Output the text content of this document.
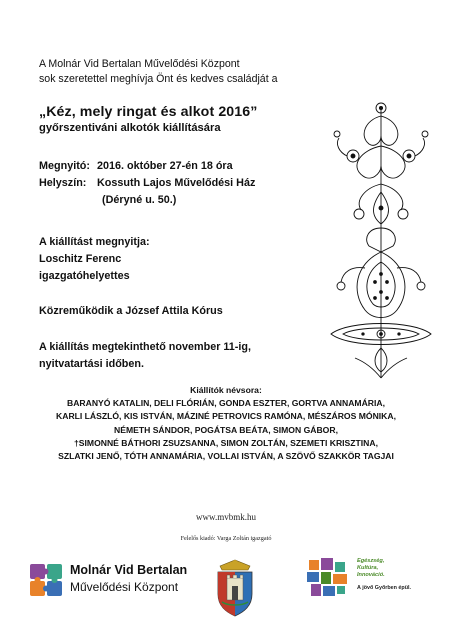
A Molnár Vid Bertalan Művelődési Központ
sok szeretettel meghívja Önt és kedves családját a
„Kéz, mely ringat és alkot 2016”
győrszentiváni alkotók kiállítására
Megnyitó: 2016. október 27-én 18 óra
Helyszín: Kossuth Lajos Művelődési Ház
(Déryné u. 50.)
A kiállítást megnyitja:
Loschitz Ferenc
igazgatóhelyettes
Közreműködik a József Attila Kórus
A kiállítás megtekinthető november 11-ig,
nyitvatartási időben.
Kiállítók névsora:
BARANYÓ KATALIN, DELI FLÓRIÁN, GONDA ESZTER, GORTVA ANNAMÁRIA,
KARLI LÁSZLÓ, KIS ISTVÁN, MÁZINÉ PETROVICS RAMÓNA, MÉSZÁROS MÓNIKA,
NÉMETH SÁNDOR, POGÁTSA BEÁTA, SIMON GÁBOR,
†SIMONNÉ BÁTHORI ZSUZSANNA, SIMON ZOLTÁN, SZEMETI KRISZTINA,
SZLATKI JENŐ, TÓTH ANNAMÁRIA, VOLLAI ISTVÁN, A SZÖVŐ SZAKKÖR TAGJAI
www.mvbmk.hu
Felelős kiadó: Varga Zoltán igazgató
Molnár Vid Bertalan
Művelődési Központ
Egészség,
Kultúra,
Innováció.
A jövő Győrben épül.
